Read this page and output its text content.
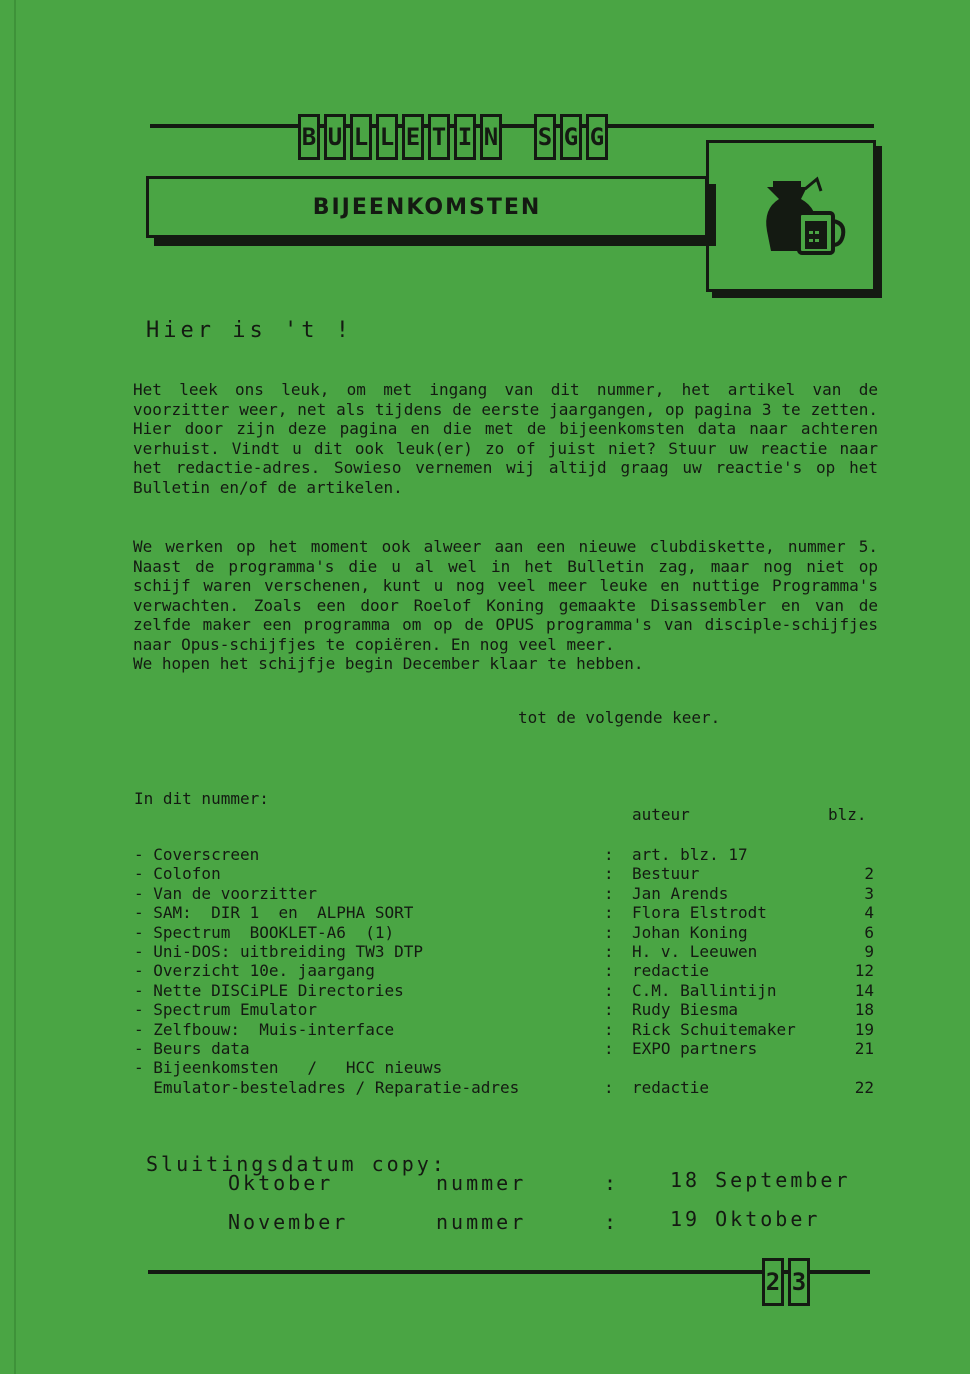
B U L L E T I N S G G
BIJEENKOMSTEN
Hier is 't !
Het leek ons leuk, om met ingang van dit nummer, het artikel van de voorzitter weer, net als tijdens de eerste jaargangen, op pagina 3 te zetten. Hier door zijn deze pagina en die met de bijeenkomsten data naar achteren verhuist. Vindt u dit ook leuk(er) zo of juist niet? Stuur uw reactie naar het redactie-adres. Sowieso vernemen wij altijd graag uw reactie's op het Bulletin en/of de artikelen.
We werken op het moment ook alweer aan een nieuwe clubdiskette, nummer 5. Naast de programma's die u al wel in het Bulletin zag, maar nog niet op schijf waren verschenen, kunt u nog veel meer leuke en nuttige Programma's verwachten. Zoals een door Roelof Koning gemaakte Disassembler en van de zelfde maker een programma om op de OPUS programma's van disciple-schijfjes naar Opus-schijfjes te copiëren. En nog veel meer.
We hopen het schijfje begin December klaar te hebben.
tot de volgende keer.
In dit nummer:
auteur	blz.
- Coverscreen	:	art. blz. 17
- Colofon	:	Bestuur	2
- Van de voorzitter	:	Jan Arends	3
- SAM:  DIR 1  en  ALPHA SORT	:	Flora Elstrodt	4
- Spectrum  BOOKLET-A6  (1)	:	Johan Koning	6
- Uni-DOS: uitbreiding TW3 DTP	:	H. v. Leeuwen	9
- Overzicht 10e. jaargang	:	redactie	12
- Nette DISCiPLE Directories	:	C.M. Ballintijn	14
- Spectrum Emulator	:	Rudy Biesma	18
- Zelfbouw:  Muis-interface	:	Rick Schuitemaker	19
- Beurs data	:	EXPO partners	21
- Bijeenkomsten   /   HCC nieuws
Emulator-besteladres / Reparatie-adres	:	redactie	22
Sluitingsdatum copy:
Oktober	nummer	:	18 September
November	nummer	:	19 Oktober
2 3
